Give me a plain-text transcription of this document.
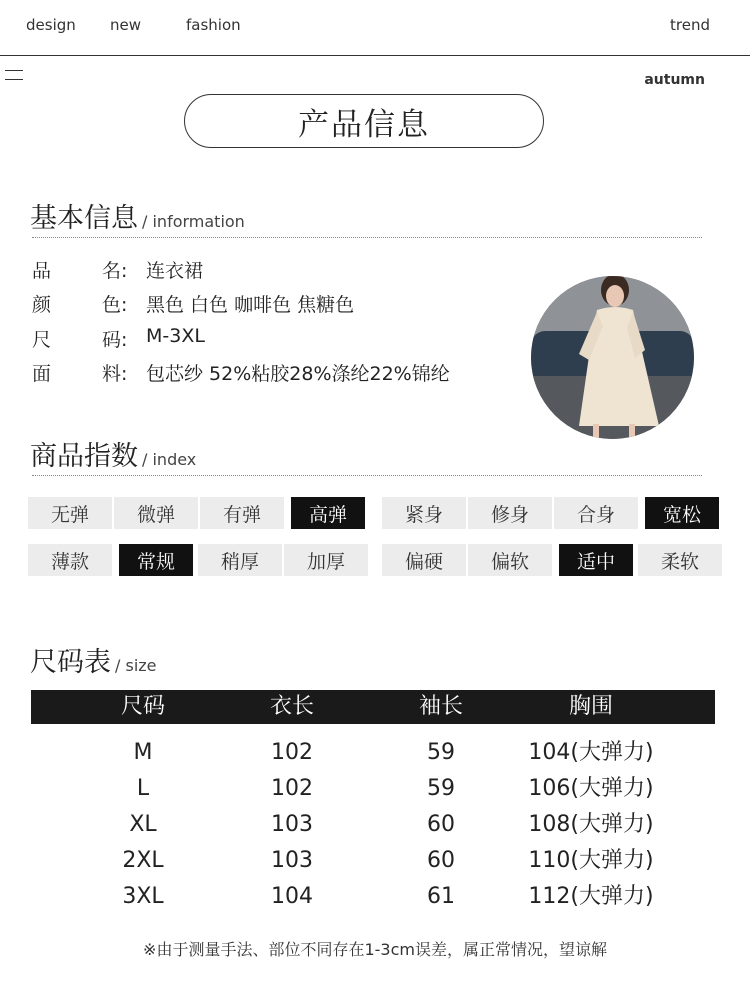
design new	fashion	trend
autumn
产品信息
基本信息 / information
品	名: 连衣裙
颜	色: 黑色 白色 咖啡色 焦糖色
尺	码: M-3XL
面	料: 包芯纱 52%粘胶28%涤纶22%锦纶
商品指数 / index
无弹	微弹	有弹	高弹	紧身	修身	合身	宽松
薄款	常规	稍厚	加厚	偏硬	偏软	适中	柔软
尺码表 / size
尺码	衣长	袖长	胸围
M	102	59	104(大弹力)
L	102	59	106(大弹力)
XL	103	60	108(大弹力)
2XL	103	60	110(大弹力)
3XL	104	61	112(大弹力)
※由于测量手法、部位不同存在1-3cm误差，属正常情况，望谅解
